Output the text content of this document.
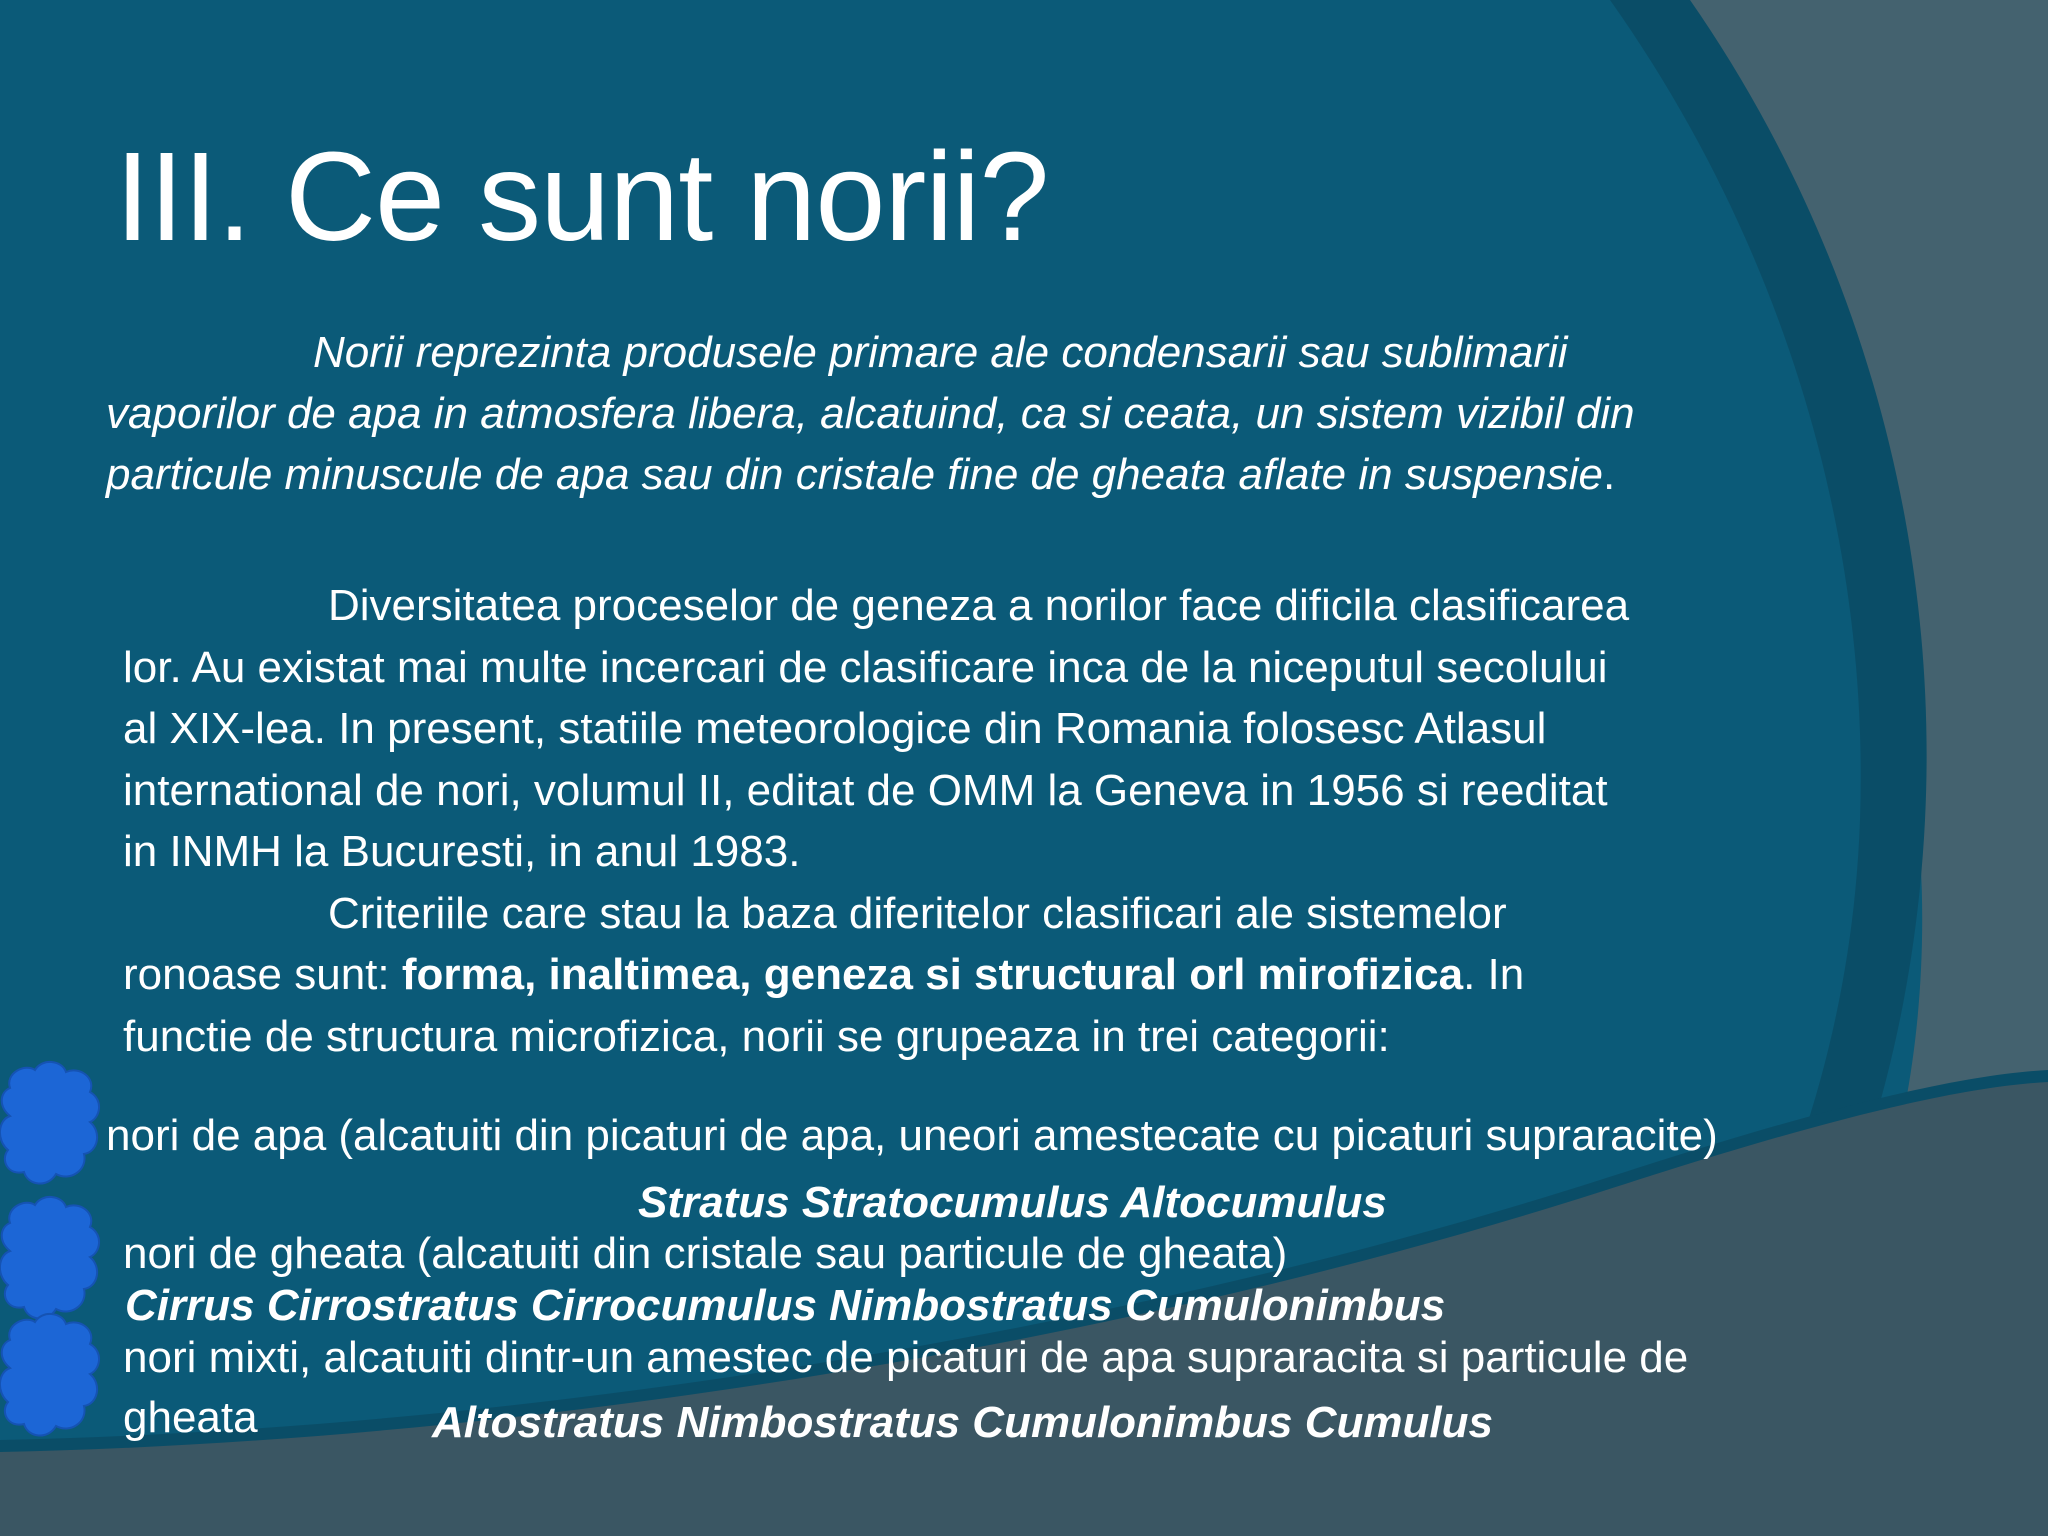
III. Ce sunt norii?
Norii reprezinta produsele primare ale condensarii sau sublimarii
vaporilor de apa in atmosfera libera, alcatuind, ca si ceata, un sistem vizibil din
particule minuscule de apa sau din cristale fine de gheata aflate in suspensie.
Diversitatea proceselor de geneza a norilor face dificila clasificarea
lor. Au existat mai multe incercari de clasificare inca de la niceputul secolului
al XIX-lea. In present, statiile meteorologice din Romania folosesc Atlasul
international de nori, volumul II, editat de OMM la Geneva in 1956 si reeditat
in INMH la Bucuresti, in anul 1983.
Criteriile care stau la baza diferitelor clasificari ale sistemelor
ronoase sunt: forma, inaltimea, geneza si structural orl mirofizica. In
functie de structura microfizica, norii se grupeaza in trei categorii:
nori de apa (alcatuiti din picaturi de apa, uneori amestecate cu picaturi supraracite)
Stratus Stratocumulus Altocumulus
nori de gheata (alcatuiti din cristale sau particule de gheata)
Cirrus Cirrostratus Cirrocumulus Nimbostratus Cumulonimbus
nori mixti, alcatuiti dintr-un amestec de picaturi de apa supraracita si particule de
gheata	Altostratus Nimbostratus Cumulonimbus Cumulus
